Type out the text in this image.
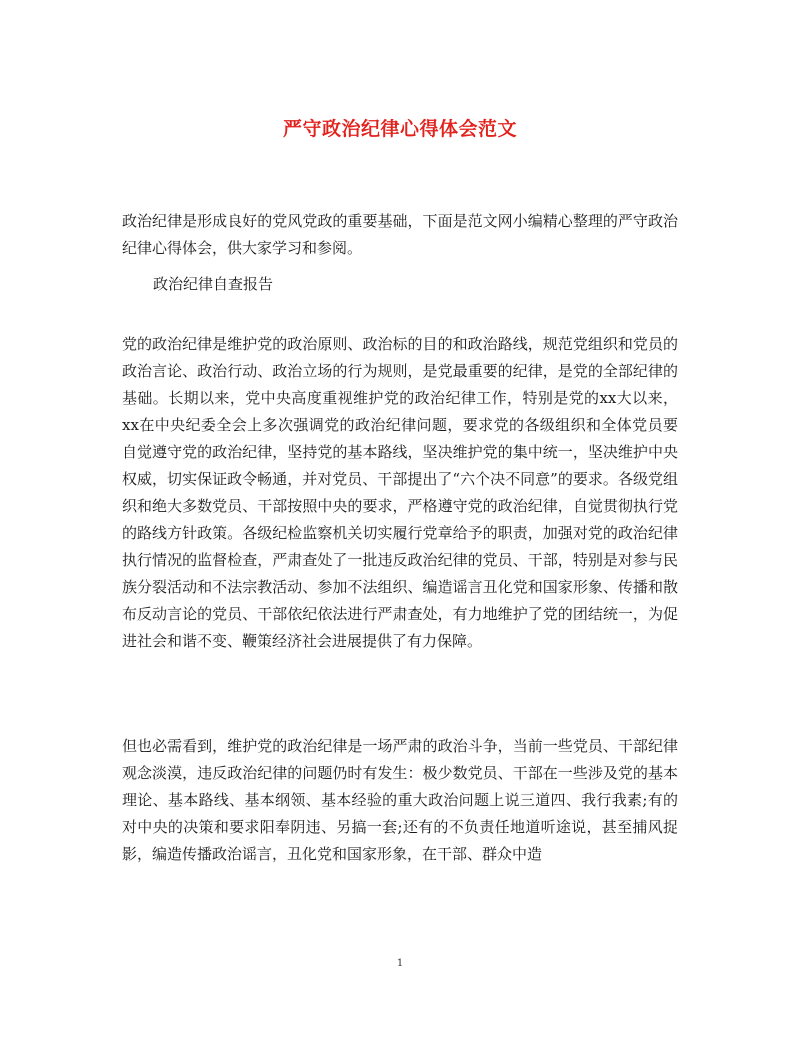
严守政治纪律心得体会范文
政治纪律是形成良好的党风党政的重要基础，下面是范文网小编精心整理的严守政治纪律心得体会，供大家学习和参阅。
政治纪律自查报告
党的政治纪律是维护党的政治原则、政治标的目的和政治路线，规范党组织和党员的政治言论、政治行动、政治立场的行为规则，是党最重要的纪律，是党的全部纪律的基础。长期以来，党中央高度重视维护党的政治纪律工作，特别是党的xx大以来，xx在中央纪委全会上多次强调党的政治纪律问题，要求党的各级组织和全体党员要自觉遵守党的政治纪律，坚持党的基本路线，坚决维护党的集中统一，坚决维护中央权威，切实保证政令畅通，并对党员、干部提出了“六个决不同意”的要求。各级党组织和绝大多数党员、干部按照中央的要求，严格遵守党的政治纪律，自觉贯彻执行党的路线方针政策。各级纪检监察机关切实履行党章给予的职责，加强对党的政治纪律执行情况的监督检查，严肃查处了一批违反政治纪律的党员、干部，特别是对参与民族分裂活动和不法宗教活动、参加不法组织、编造谣言丑化党和国家形象、传播和散布反动言论的党员、干部依纪依法进行严肃查处，有力地维护了党的团结统一，为促进社会和谐不变、鞭策经济社会进展提供了有力保障。
但也必需看到，维护党的政治纪律是一场严肃的政治斗争，当前一些党员、干部纪律观念淡漠，违反政治纪律的问题仍时有发生：极少数党员、干部在一些涉及党的基本理论、基本路线、基本纲领、基本经验的重大政治问题上说三道四、我行我素;有的对中央的决策和要求阳奉阴违、另搞一套;还有的不负责任地道听途说，甚至捕风捉影，编造传播政治谣言，丑化党和国家形象，在干部、群众中造
1
